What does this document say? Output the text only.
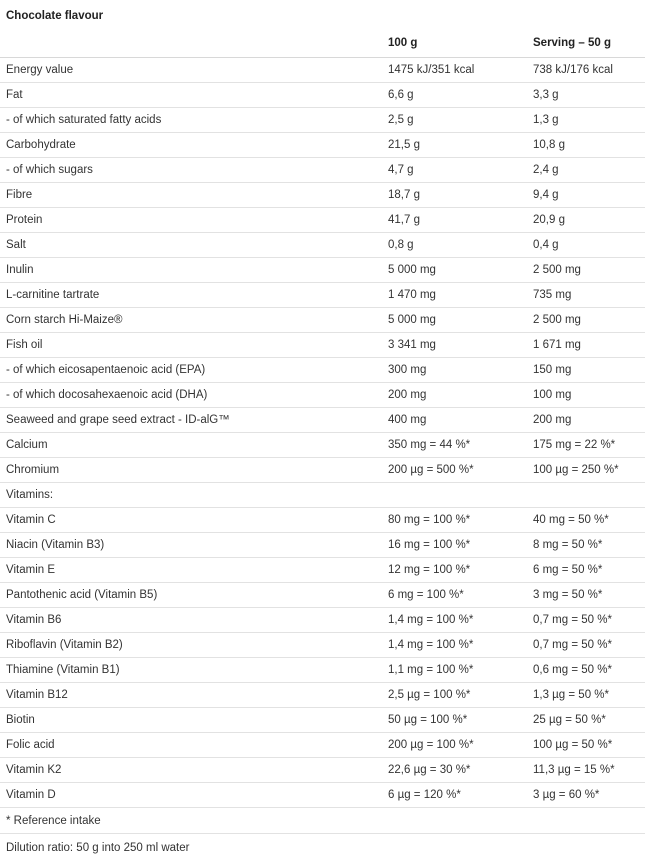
Chocolate flavour
	100 g	Serving – 50 g
Energy value	1475 kJ/351 kcal	738 kJ/176 kcal
Fat	6,6 g	3,3 g
- of which saturated fatty acids	2,5 g	1,3 g
Carbohydrate	21,5 g	10,8 g
- of which sugars	4,7 g	2,4 g
Fibre	18,7 g	9,4 g
Protein	41,7 g	20,9 g
Salt	0,8 g	0,4 g
Inulin	5 000 mg	2 500 mg
L-carnitine tartrate	1 470 mg	735 mg
Corn starch Hi-Maize®	5 000 mg	2 500 mg
Fish oil	3 341 mg	1 671 mg
- of which eicosapentaenoic acid (EPA)	300 mg	150 mg
- of which docosahexaenoic acid (DHA)	200 mg	100 mg
Seaweed and grape seed extract - ID-alG™	400 mg	200 mg
Calcium	350 mg = 44 %*	175 mg = 22 %*
Chromium	200 µg = 500 %*	100 µg = 250 %*
Vitamins:		
Vitamin C	80 mg = 100 %*	40 mg = 50 %*
Niacin (Vitamin B3)	16 mg = 100 %*	8 mg = 50 %*
Vitamin E	12 mg = 100 %*	6 mg = 50 %*
Pantothenic acid (Vitamin B5)	6 mg = 100 %*	3 mg = 50 %*
Vitamin B6	1,4 mg = 100 %*	0,7 mg = 50 %*
Riboflavin (Vitamin B2)	1,4 mg = 100 %*	0,7 mg = 50 %*
Thiamine (Vitamin B1)	1,1 mg = 100 %*	0,6 mg = 50 %*
Vitamin B12	2,5 µg = 100 %*	1,3 µg = 50 %*
Biotin	50 µg = 100 %*	25 µg = 50 %*
Folic acid	200 µg = 100 %*	100 µg = 50 %*
Vitamin K2	22,6 µg = 30 %*	11,3 µg = 15 %*
Vitamin D	6 µg = 120 %*	3 µg = 60 %*
* Reference intake
Dilution ratio: 50 g into 250 ml water
